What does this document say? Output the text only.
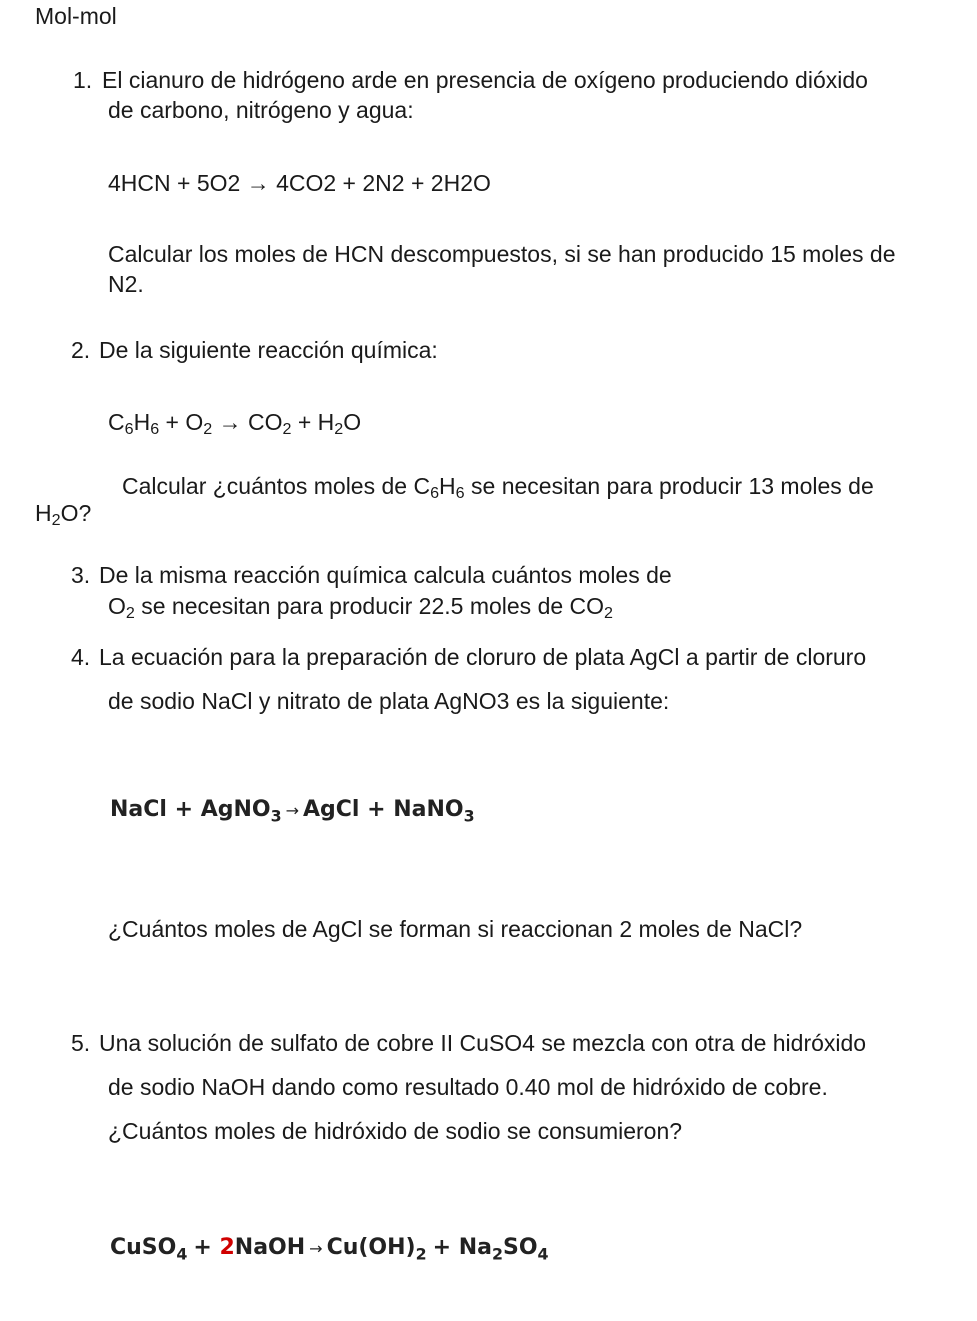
Mol-mol
1. El cianuro de hidrógeno arde en presencia de oxígeno produciendo dióxido
de carbono, nitrógeno y agua:
4HCN + 5O2 → 4CO2 + 2N2 + 2H2O
Calcular los moles de HCN descompuestos, si se han producido 15 moles de
N2.
2. De la siguiente reacción química:
$C_6H_6 + O_2 \to CO_2 + H_2O$
Calcular ¿cuántos moles de $C_6H_6$ se necesitan para producir 13 moles de
$H_2O$?
3. De la misma reacción química calcula cuántos moles de
$O_2$ se necesitan para producir 22.5 moles de $CO_2$
4. La ecuación para la preparación de cloruro de plata AgCl a partir de cloruro
de sodio NaCl y nitrato de plata AgNO3 es la siguiente:
NaCl + AgNO$_3$ → AgCl + NaNO$_3$
¿Cuántos moles de AgCl se forman si reaccionan 2 moles de NaCl?
5. Una solución de sulfato de cobre II CuSO4 se mezcla con otra de hidróxido
de sodio NaOH dando como resultado 0.40 mol de hidróxido de cobre.
¿Cuántos moles de hidróxido de sodio se consumieron?
CuSO$_4$ + 2NaOH → $Cu(OH)_2 + Na_2SO_4$
